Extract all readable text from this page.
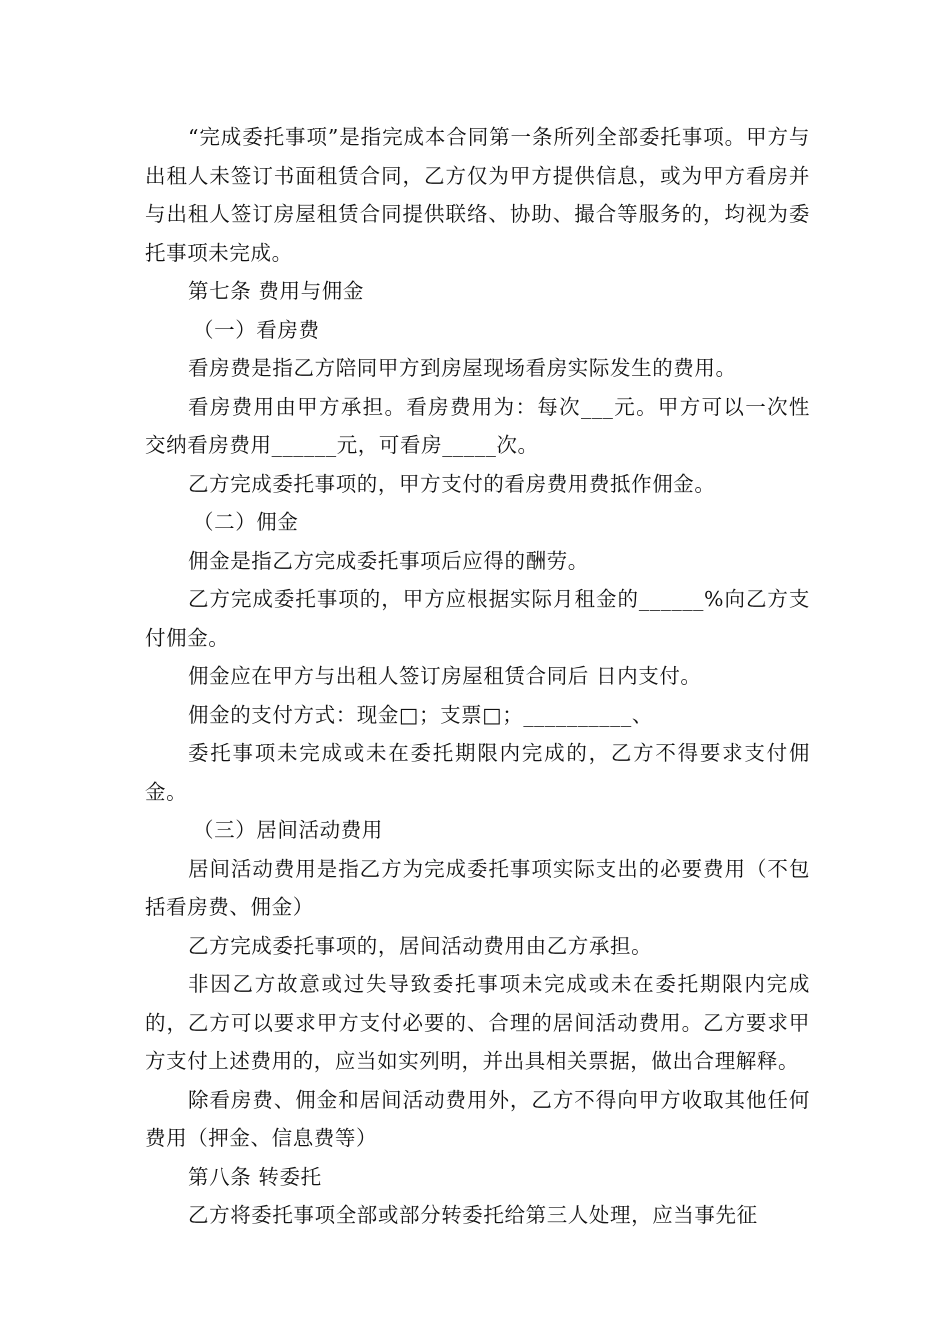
“完成委托事项”是指完成本合同第一条所列全部委托事项。甲方与出租人未签订书面租赁合同，乙方仅为甲方提供信息，或为甲方看房并与出租人签订房屋租赁合同提供联络、协助、撮合等服务的，均视为委托事项未完成。

第七条 费用与佣金

（一）看房费

看房费是指乙方陪同甲方到房屋现场看房实际发生的费用。

看房费用由甲方承担。看房费用为：每次___元。甲方可以一次性交纳看房费用______元，可看房_____次。

乙方完成委托事项的，甲方支付的看房费用费抵作佣金。

（二）佣金

佣金是指乙方完成委托事项后应得的酬劳。

乙方完成委托事项的，甲方应根据实际月租金的______%向乙方支付佣金。

佣金应在甲方与出租人签订房屋租赁合同后 日内支付。

佣金的支付方式：现金□；支票□；__________、

委托事项未完成或未在委托期限内完成的，乙方不得要求支付佣金。

（三）居间活动费用

居间活动费用是指乙方为完成委托事项实际支出的必要费用（不包括看房费、佣金）

乙方完成委托事项的，居间活动费用由乙方承担。

非因乙方故意或过失导致委托事项未完成或未在委托期限内完成的，乙方可以要求甲方支付必要的、合理的居间活动费用。乙方要求甲方支付上述费用的，应当如实列明，并出具相关票据，做出合理解释。

除看房费、佣金和居间活动费用外，乙方不得向甲方收取其他任何费用（押金、信息费等）

第八条 转委托

乙方将委托事项全部或部分转委托给第三人处理，应当事先征
